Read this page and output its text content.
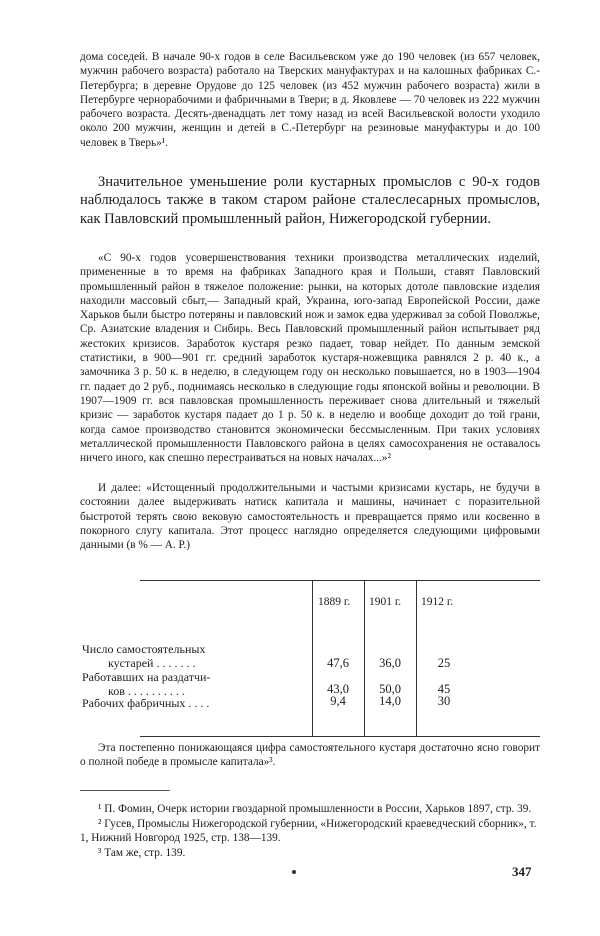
дома соседей. В начале 90-х годов в селе Васильевском уже до 190 человек (из 657 человек, мужчин рабочего возраста) работало на Тверских мануфактурах и на калошных фабриках С.-Петербурга; в деревне Орудове до 125 человек (из 452 мужчин рабочего возраста) жили в Петербурге чернорабочими и фабричными в Твери; в д. Яковлеве — 70 человек из 222 мужчин рабочего возраста. Десять-двенадцать лет тому назад из всей Васильевской волости уходило около 200 мужчин, женщин и детей в С.-Петербург на резиновые мануфактуры и до 100 человек в Тверь»¹.

Значительное уменьшение роли кустарных промыслов с 90-х годов наблюдалось также в таком старом районе сталеслесарных промыслов, как Павловский промышленный район, Нижегородской губернии.

«С 90-х годов усовершенствования техники производства металлических изделий, примененные в то время на фабриках Западного края и Польши, ставят Павловский промышленный район в тяжелое положение: рынки, на которых дотоле павловские изделия находили массовый сбыт,— Западный край, Украина, юго-запад Европейской России, даже Харьков были быстро потеряны и павловский нож и замок едва удерживал за собой Поволжье, Ср. Азиатские владения и Сибирь. Весь Павловский промышленный район испытывает ряд жестоких кризисов. Заработок кустаря резко падает, товар нейдет. По данным земской статистики, в 900—901 гг. средний заработок кустаря-ножевщика равнялся 2 р. 40 к., а замочника 3 р. 50 к. в неделю, в следующем году он несколько повышается, но в 1903—1904 гг. падает до 2 руб., поднимаясь несколько в следующие годы японской войны и революции. В 1907—1909 гг. вся павловская промышленность переживает снова длительный и тяжелый кризис — заработок кустаря падает до 1 р. 50 к. в неделю и вообще доходит до той грани, когда самое производство становится экономически бессмысленным. При таких условиях металлической промышленности Павловского района в целях самосохранения не оставалось ничего иного, как спешно перестраиваться на новых началах...»²

И далее: «Истощенный продолжительными и частыми кризисами кустарь, не будучи в состоянии далее выдерживать натиск капитала и машины, начинает с поразительной быстротой терять свою вековую самостоятельность и превращается прямо или косвенно в покорного слугу капитала. Этот процесс наглядно определяется следующими цифровыми данными (в % — А. Р.)

1889 г. 1901 г. 1912 г.
Число самостоятельных
кустарей . . . . . . .	47,6	36,0	25
Работавших на раздатчи-
ков . . . . . . . . . .	43,0	50,0	45
Рабочих фабричных . . . .	9,4	14,0	30

Эта постепенно понижающаяся цифра самостоятельного кустаря достаточно ясно говорит о полной победе в промысле капитала»³.

¹ П. Фомин, Очерк истории гвоздарной промышленности в России, Харьков 1897, стр. 39.

² Гусев, Промыслы Нижегородской губернии, «Нижегородский краеведческий сборник», т. 1, Нижний Новгород 1925, стр. 138—139.

³ Там же, стр. 139.

347
